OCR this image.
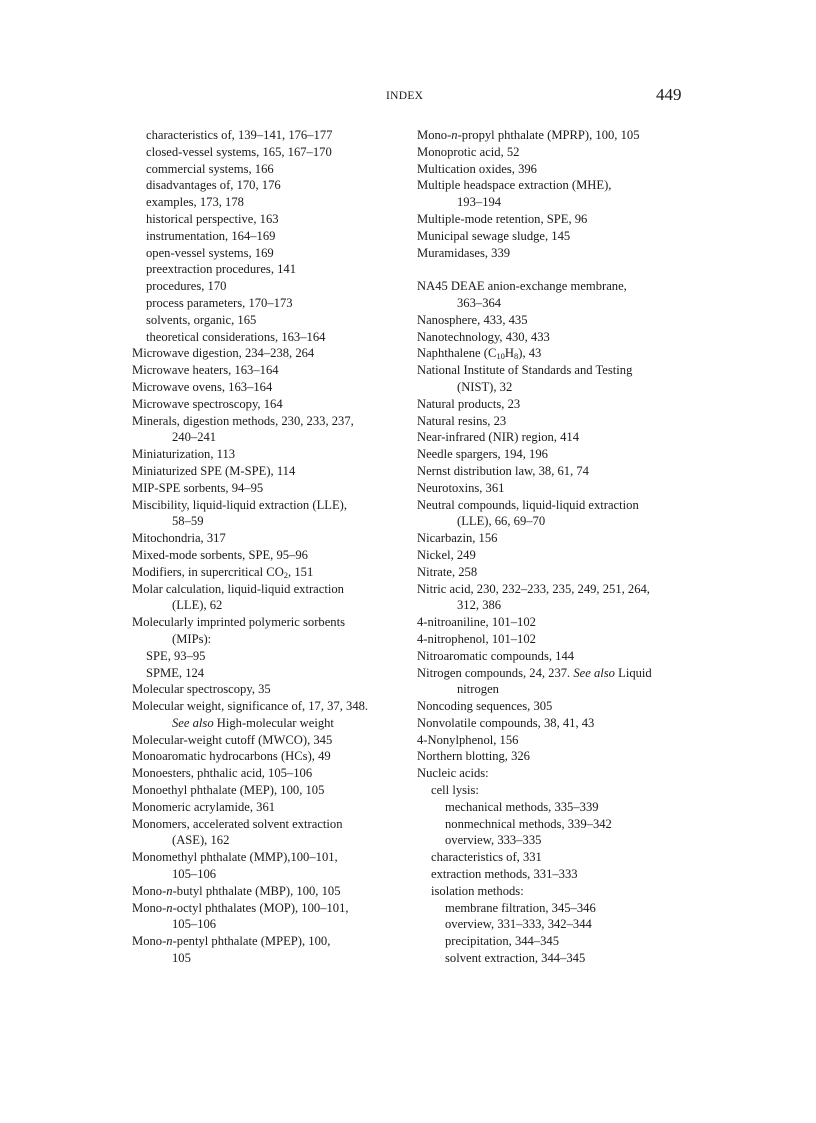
INDEX	449
characteristics of, 139–141, 176–177
closed-vessel systems, 165, 167–170
commercial systems, 166
disadvantages of, 170, 176
examples, 173, 178
historical perspective, 163
instrumentation, 164–169
open-vessel systems, 169
preextraction procedures, 141
procedures, 170
process parameters, 170–173
solvents, organic, 165
theoretical considerations, 163–164
Microwave digestion, 234–238, 264
Microwave heaters, 163–164
Microwave ovens, 163–164
Microwave spectroscopy, 164
Minerals, digestion methods, 230, 233, 237,
240–241
Miniaturization, 113
Miniaturized SPE (M-SPE), 114
MIP-SPE sorbents, 94–95
Miscibility, liquid-liquid extraction (LLE),
58–59
Mitochondria, 317
Mixed-mode sorbents, SPE, 95–96
Modifiers, in supercritical $CO_2$, 151
Molar calculation, liquid-liquid extraction
(LLE), 62
Molecularly imprinted polymeric sorbents
(MIPs):
SPE, 93–95
SPME, 124
Molecular spectroscopy, 35
Molecular weight, significance of, 17, 37, 348.
See also High-molecular weight
Molecular-weight cutoff (MWCO), 345
Monoaromatic hydrocarbons (HCs), 49
Monoesters, phthalic acid, 105–106
Monoethyl phthalate (MEP), 100, 105
Monomeric acrylamide, 361
Monomers, accelerated solvent extraction
(ASE), 162
Monomethyl phthalate (MMP),100–101,
105–106
Mono-n-butyl phthalate (MBP), 100, 105
Mono-n-octyl phthalates (MOP), 100–101,
105–106
Mono-n-pentyl phthalate (MPEP), 100,
105
Mono-n-propyl phthalate (MPRP), 100, 105
Monoprotic acid, 52
Multication oxides, 396
Multiple headspace extraction (MHE),
193–194
Multiple-mode retention, SPE, 96
Municipal sewage sludge, 145
Muramidases, 339
NA45 DEAE anion-exchange membrane,
363–364
Nanosphere, 433, 435
Nanotechnology, 430, 433
Naphthalene $(C_{10}H_8)$, 43
National Institute of Standards and Testing
(NIST), 32
Natural products, 23
Natural resins, 23
Near-infrared (NIR) region, 414
Needle spargers, 194, 196
Nernst distribution law, 38, 61, 74
Neurotoxins, 361
Neutral compounds, liquid-liquid extraction
(LLE), 66, 69–70
Nicarbazin, 156
Nickel, 249
Nitrate, 258
Nitric acid, 230, 232–233, 235, 249, 251, 264,
312, 386
4-nitroaniline, 101–102
4-nitrophenol, 101–102
Nitroaromatic compounds, 144
Nitrogen compounds, 24, 237. See also Liquid
nitrogen
Noncoding sequences, 305
Nonvolatile compounds, 38, 41, 43
4-Nonylphenol, 156
Northern blotting, 326
Nucleic acids:
cell lysis:
mechanical methods, 335–339
nonmechnical methods, 339–342
overview, 333–335
characteristics of, 331
extraction methods, 331–333
isolation methods:
membrane filtration, 345–346
overview, 331–333, 342–344
precipitation, 344–345
solvent extraction, 344–345
